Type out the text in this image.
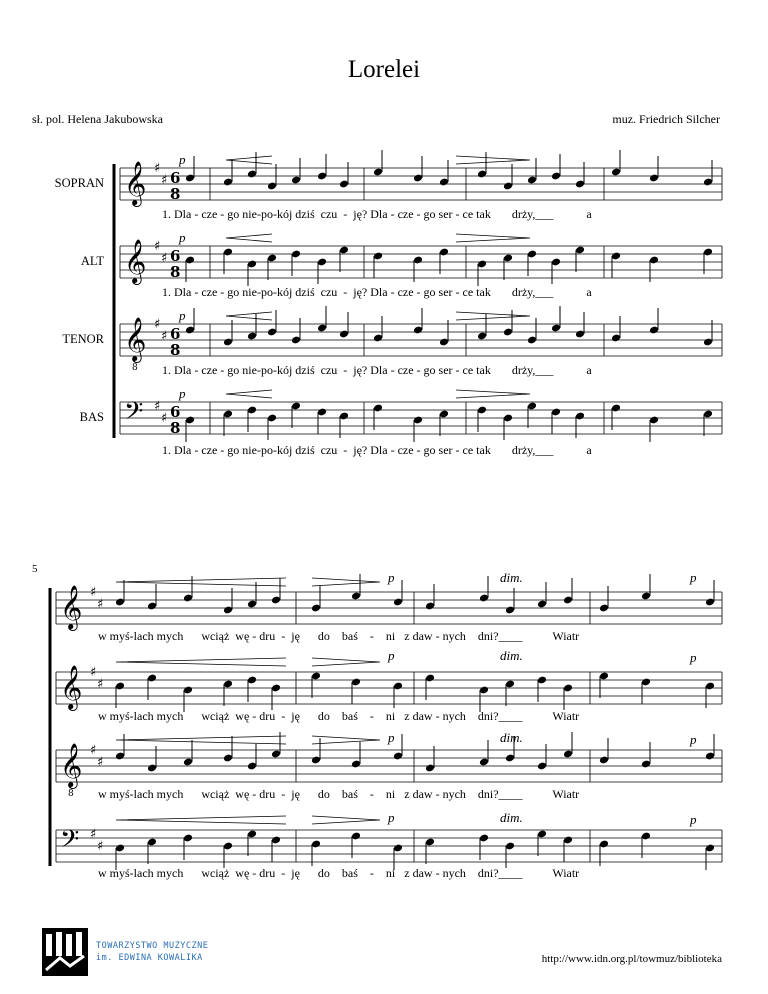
Lorelei
sł. pol. Helena Jakubowska	muz. Friedrich Silcher
SOPRAN
ALT
TENOR
BAS
𝄞 ♯
♯ 6
8
𝄞 ♯
♯ 6
8
𝄞 ♯
♯ 6
8
𝄢 ♯
♯ 6
8
𝄞 ♯
♯
𝄞 ♯
♯
𝄞 ♯
♯
𝄢 ♯
♯
8
8
p
p
p
p
1. Dla - cze - go nie-po-kój dziś  czu  -  ję? Dla - cze - go ser - ce tak       drży,___           a
1. Dla - cze - go nie-po-kój dziś  czu  -  ję? Dla - cze - go ser - ce tak       drży,___           a
1. Dla - cze - go nie-po-kój dziś  czu  -  ję? Dla - cze - go ser - ce tak       drży,___           a
1. Dla - cze - go nie-po-kój dziś  czu  -  ję? Dla - cze - go ser - ce tak       drży,___           a
5
p	dim.	p
p	dim.	p
p	dim.	p
p	dim.	p
w myś-lach mych      wciąż  wę - dru  -  ję      do    baś    -    ni   z daw - nych    dni?____          Wiatr
w myś-lach mych      wciąż  wę - dru  -  ję      do    baś    -    ni   z daw - nych    dni?____          Wiatr
w myś-lach mych      wciąż  wę - dru  -  ję      do    baś    -    ni   z daw - nych    dni?____          Wiatr
w myś-lach mych      wciąż  wę - dru  -  ję      do    baś    -    ni   z daw - nych    dni?____          Wiatr
TOWARZYSTWO MUZYCZNE
im. EDWINA KOWALIKA	http://www.idn.org.pl/towmuz/biblioteka
